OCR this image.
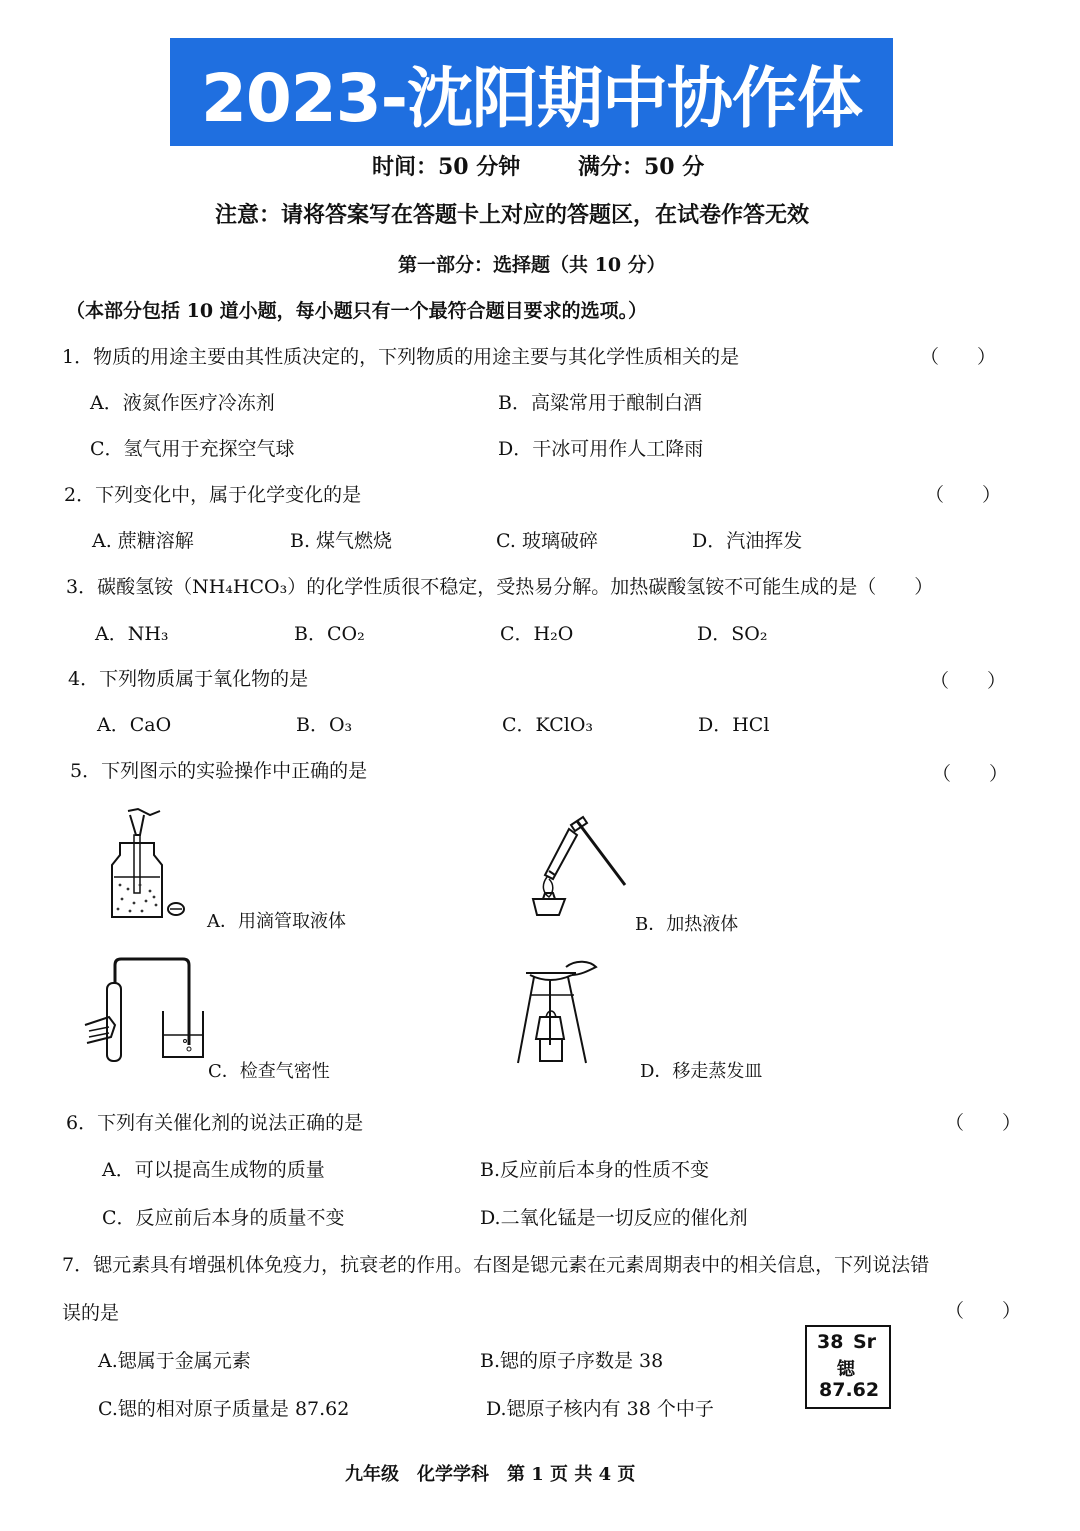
2023-沈阳期中协作体
时间：50 分钟	满分：50 分
注意：请将答案写在答题卡上对应的答题区，在试卷作答无效
第一部分：选择题（共 10 分）
（本部分包括 10 道小题，每小题只有一个最符合题目要求的选项。）
1．物质的用途主要由其性质决定的，下列物质的用途主要与其化学性质相关的是	（　　）
A．液氮作医疗冷冻剂	B．高粱常用于酿制白酒
C．氢气用于充探空气球	D．干冰可用作人工降雨
2．下列变化中，属于化学变化的是	（　　）
A. 蔗糖溶解	B. 煤气燃烧	C. 玻璃破碎	D．汽油挥发
3．碳酸氢铵（NH₄HCO₃）的化学性质很不稳定，受热易分解。加热碳酸氢铵不可能生成的是（　　）
A．NH₃	B．CO₂	C．H₂O	D．SO₂
4．下列物质属于氧化物的是	（　　）
A．CaO	B．O₃	C．KClO₃	D．HCl
5．下列图示的实验操作中正确的是	（　　）
A．用滴管取液体	B．加热液体
C．检查气密性	D．移走蒸发皿
6．下列有关催化剂的说法正确的是	（　　）
A．可以提高生成物的质量	B.反应前后本身的性质不变
C．反应前后本身的质量不变	D.二氧化锰是一切反应的催化剂
7．锶元素具有增强机体免疫力，抗衰老的作用。右图是锶元素在元素周期表中的相关信息，下列说法错
误的是	（　　）
A.锶属于金属元素	B.锶的原子序数是 38
C.锶的相对原子质量是 87.62	D.锶原子核内有 38 个中子
38 Sr
锶
87.62
九年级　化学学科　第 1 页 共 4 页
